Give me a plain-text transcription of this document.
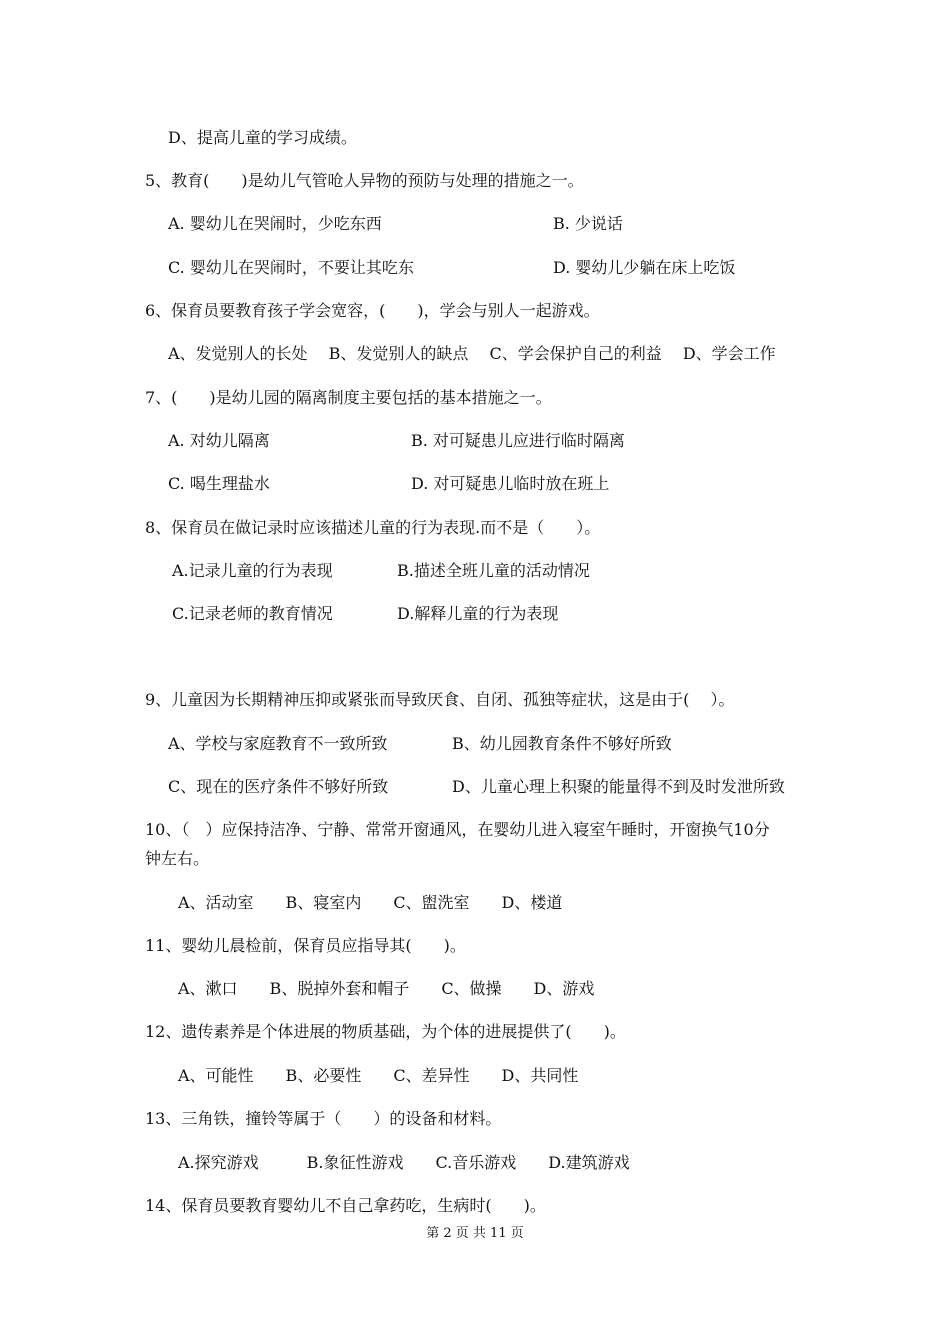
D、提高儿童的学习成绩。
5、教育(　　)是幼儿气管呛人异物的预防与处理的措施之一。
A. 婴幼儿在哭闹时，少吃东西	B. 少说话
C. 婴幼儿在哭闹时，不要让其吃东	D. 婴幼儿少躺在床上吃饭
6、保育员要教育孩子学会宽容，(　　)，学会与别人一起游戏。
A、发觉别人的长处　 B、发觉别人的缺点　 C、学会保护自己的利益　 D、学会工作
7、(　　)是幼儿园的隔离制度主要包括的基本措施之一。
A. 对幼儿隔离	B. 对可疑患儿应进行临时隔离
C. 喝生理盐水	D. 对可疑患儿临时放在班上
8、保育员在做记录时应该描述儿童的行为表现.而不是（　　）。
A.记录儿童的行为表现	B.描述全班儿童的活动情况
C.记录老师的教育情况	D.解释儿童的行为表现
9、儿童因为长期精神压抑或紧张而导致厌食、自闭、孤独等症状，这是由于(　 ）。
A、学校与家庭教育不一致所致	B、幼儿园教育条件不够好所致
C、现在的医疗条件不够好所致	D、儿童心理上积聚的能量得不到及时发泄所致
10、（　）应保持洁净、宁静、常常开窗通风，在婴幼儿进入寝室午睡时，开窗换气10分
钟左右。
A、活动室　　B、寝室内　　C、盥洗室　　D、楼道
11、婴幼儿晨检前，保育员应指导其(　　)。
A、漱口　　B、脱掉外套和帽子　　C、做操　　D、游戏
12、遗传素养是个体进展的物质基础，为个体的进展提供了(　　)。
A、可能性　　B、必要性　　C、差异性　　D、共同性
13、三角铁，撞铃等属于（　　）的设备和材料。
A.探究游戏　　　B.象征性游戏　　C.音乐游戏　　D.建筑游戏
14、保育员要教育婴幼儿不自己拿药吃，生病时(　　)。
第 2 页 共 11 页
